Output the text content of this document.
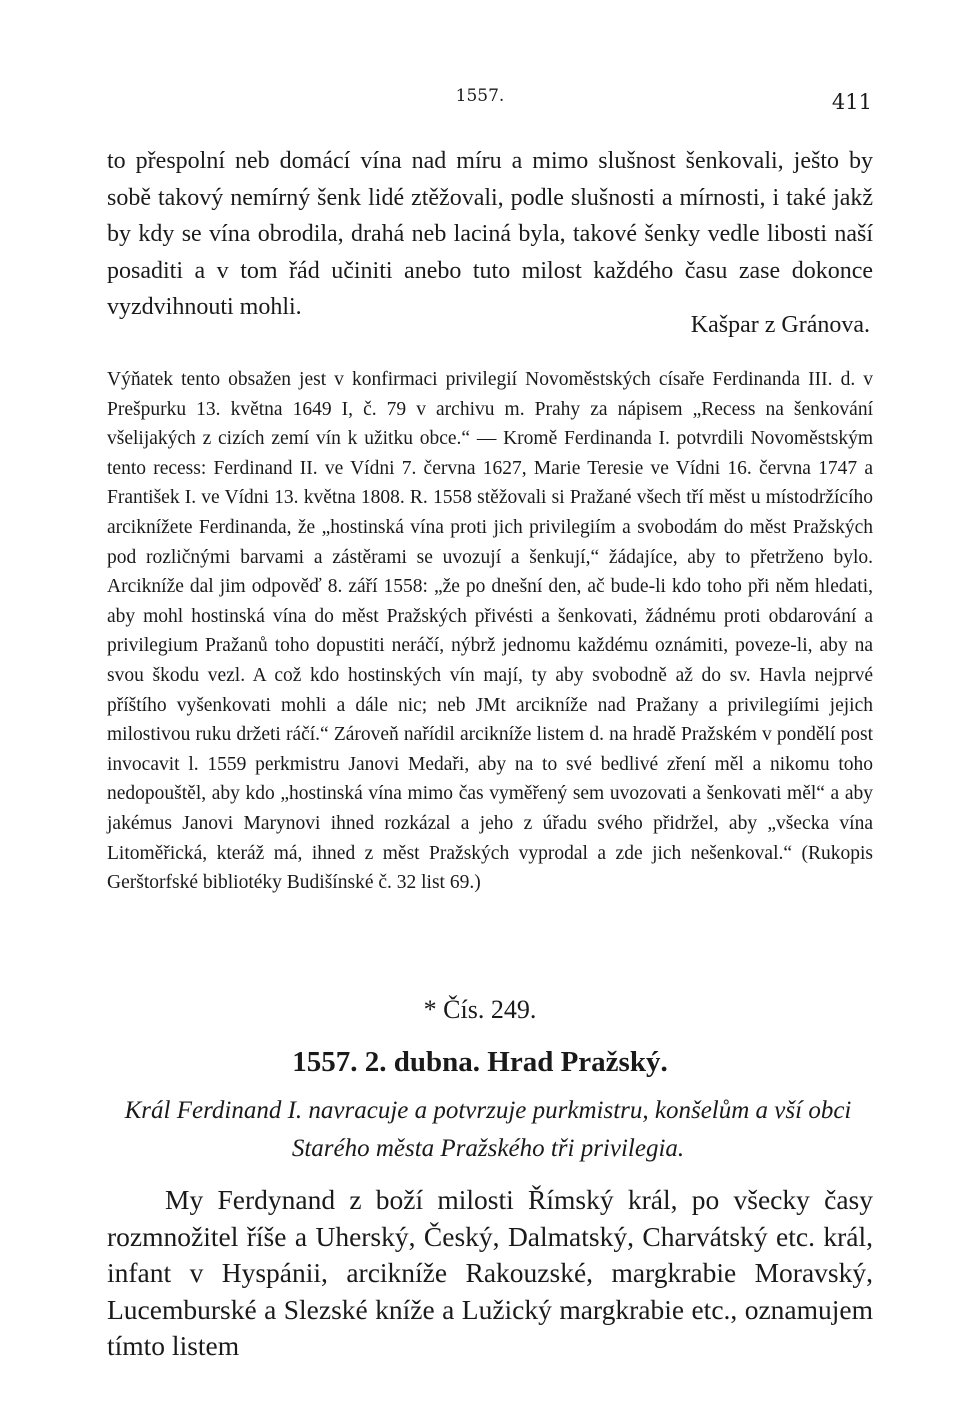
1557.	411

to přespolní neb domácí vína nad míru a mimo slušnost šenkovali, ješto by sobě takový nemírný šenk lidé ztěžovali, podle slušnosti a mírnosti, i také jakž by kdy se vína obrodila, drahá neb laciná byla, takové šenky vedle libosti naší posaditi a v tom řád učiniti anebo tuto milost každého času zase dokonce vyzdvihnouti mohli.

Kašpar z Gránova.

Výňatek tento obsažen jest v konfirmaci privilegií Novoměstských císaře Ferdinanda III. d. v Prešpurku 13. května 1649 I, č. 79 v archivu m. Prahy za nápisem „Recess na šenkování všelijakých z cizích zemí vín k užitku obce.“ — Kromě Ferdinanda I. potvrdili Novoměstským tento recess: Ferdinand II. ve Vídni 7. června 1627, Marie Teresie ve Vídni 16. června 1747 a František I. ve Vídni 13. května 1808. R. 1558 stěžovali si Pražané všech tří měst u místodržícího arciknížete Ferdinanda, že „hostinská vína proti jich privilegiím a svobodám do měst Pražských pod rozličnými barvami a zástěrami se uvozují a šenkují,“ žádajíce, aby to přetrženo bylo. Arcikníže dal jim odpověď 8. září 1558: „že po dnešní den, ač bude-li kdo toho při něm hledati, aby mohl hostinská vína do měst Pražských přivésti a šenkovati, žádnému proti obdarování a privilegium Pražanů toho dopustiti neráčí, nýbrž jednomu každému oznámiti, poveze-li, aby na svou škodu vezl. A což kdo hostinských vín mají, ty aby svobodně až do sv. Havla nejprvé příštího vyšenkovati mohli a dále nic; neb JMt arcikníže nad Pražany a privilegiími jejich milostivou ruku držeti ráčí.“ Zároveň nařídil arcikníže listem d. na hradě Pražském v pondělí post invocavit l. 1559 perkmistru Janovi Medaři, aby na to své bedlivé zření měl a nikomu toho nedopouštěl, aby kdo „hostinská vína mimo čas vyměřený sem uvozovati a šenkovati měl“ a aby jakémus Janovi Marynovi ihned rozkázal a jeho z úřadu svého přidržel, aby „všecka vína Litoměřická, kteráž má, ihned z měst Pražských vyprodal a zde jich nešenkoval.“ (Rukopis Gerštorfské bibliotéky Budišínské č. 32 list 69.)

* Čís. 249.
1557. 2. dubna. Hrad Pražský.

Král Ferdinand I. navracuje a potvrzuje purkmistru, konšelům a vší obci Starého města Pražského tři privilegia.

My Ferdynand z boží milosti Římský král, po všecky časy rozmnožitel říše a Uherský, Český, Dalmatský, Charvátský etc. král, infant v Hyspánii, arcikníže Rakouzské, margkrabie Moravský, Lucemburské a Slezské kníže a Lužický margkrabie etc., oznamujem tímto listem
